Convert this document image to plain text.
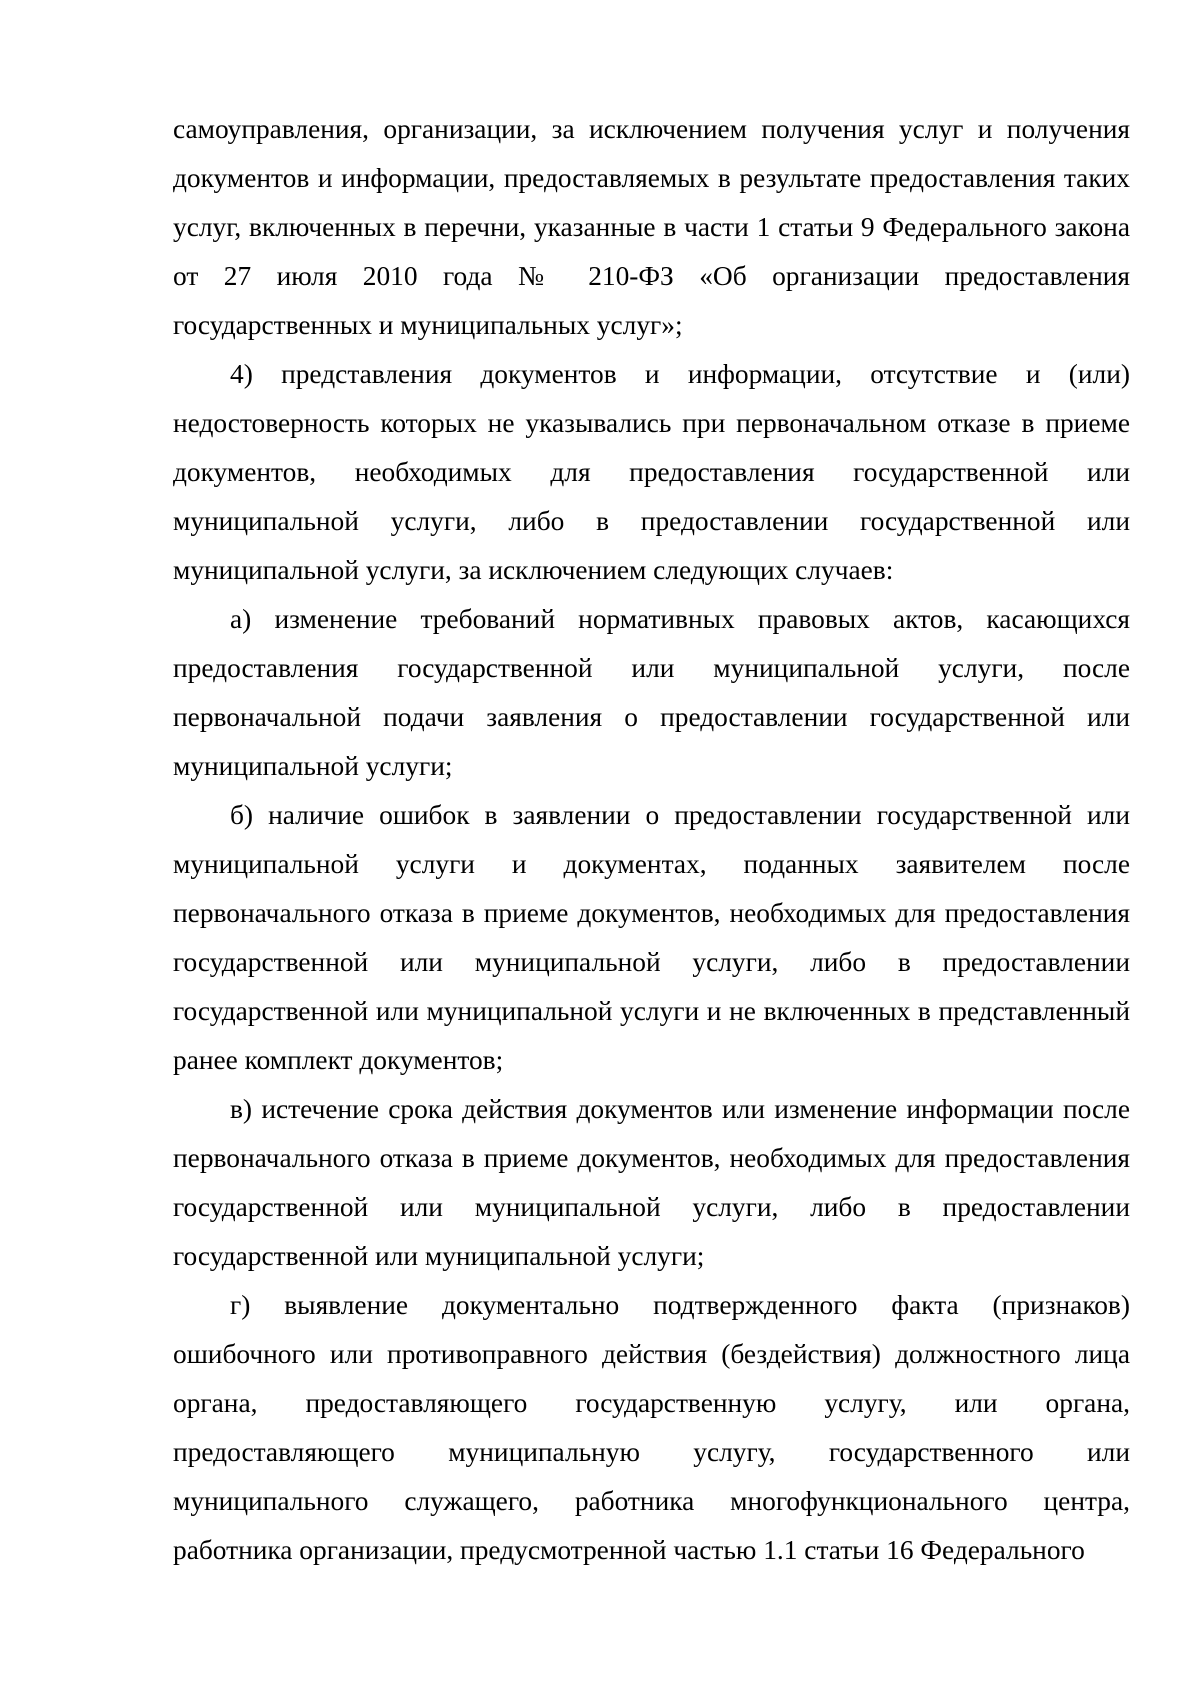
самоуправления, организации, за исключением получения услуг и получения документов и информации, предоставляемых в результате предоставления таких услуг, включенных в перечни, указанные в части 1 статьи 9 Федерального закона от 27 июля 2010 года № 210-ФЗ «Об организации предоставления государственных и муниципальных услуг»;

4) представления документов и информации, отсутствие и (или) недостоверность которых не указывались при первоначальном отказе в приеме документов, необходимых для предоставления государственной или муниципальной услуги, либо в предоставлении государственной или муниципальной услуги, за исключением следующих случаев:

а) изменение требований нормативных правовых актов, касающихся предоставления государственной или муниципальной услуги, после первоначальной подачи заявления о предоставлении государственной или муниципальной услуги;

б) наличие ошибок в заявлении о предоставлении государственной или муниципальной услуги и документах, поданных заявителем после первоначального отказа в приеме документов, необходимых для предоставления государственной или муниципальной услуги, либо в предоставлении государственной или муниципальной услуги и не включенных в представленный ранее комплект документов;

в) истечение срока действия документов или изменение информации после первоначального отказа в приеме документов, необходимых для предоставления государственной или муниципальной услуги, либо в предоставлении государственной или муниципальной услуги;

г) выявление документально подтвержденного факта (признаков) ошибочного или противоправного действия (бездействия) должностного лица органа, предоставляющего государственную услугу, или органа, предоставляющего муниципальную услугу, государственного или муниципального служащего, работника многофункционального центра, работника организации, предусмотренной частью 1.1 статьи 16 Федерального
